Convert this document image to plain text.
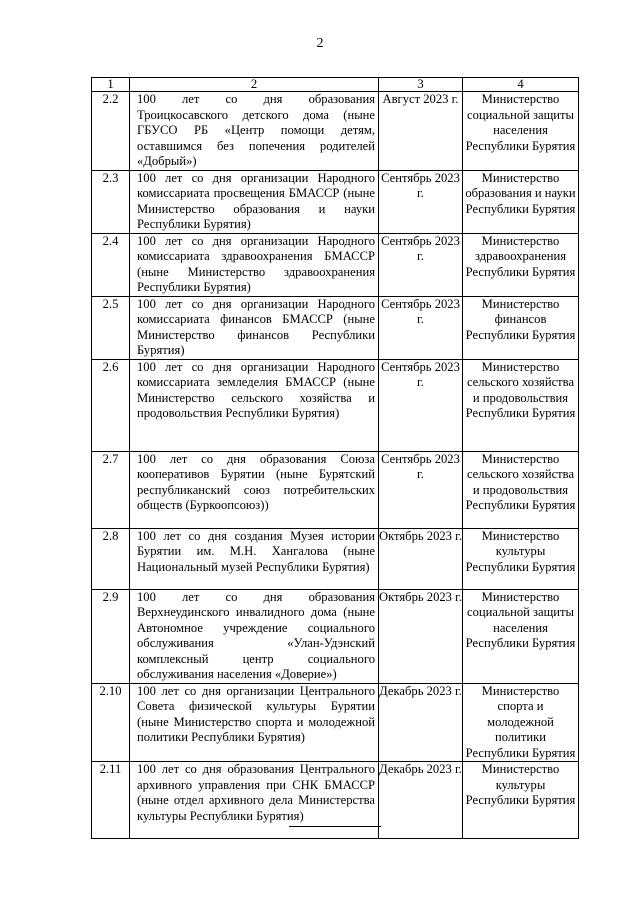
2
1	2	3	4
2.2	100 лет со дня образования Троицкосавского детского дома (ныне ГБУСО РБ «Центр помощи детям, оставшимся без попечения родителей «Добрый»)	Август 2023 г.	Министерство социальной защиты населения Республики Бурятия
2.3	100 лет со дня организации Народного комиссариата просвещения БМАССР (ныне Министерство образования и науки Республики Бурятия)	Сентябрь 2023 г.	Министерство образования и науки Республики Бурятия
2.4	100 лет со дня организации Народного комиссариата здравоохранения БМАССР (ныне Министерство здравоохранения Республики Бурятия)	Сентябрь 2023 г.	Министерство здравоохранения Республики Бурятия
2.5	100 лет со дня организации Народного комиссариата финансов БМАССР (ныне Министерство финансов Республики Бурятия)	Сентябрь 2023 г.	Министерство финансов Республики Бурятия
2.6	100 лет со дня организации Народного комиссариата земледелия БМАССР (ныне Министерство сельского хозяйства и продовольствия Республики Бурятия)	Сентябрь 2023 г.	Министерство сельского хозяйства и продовольствия Республики Бурятия
2.7	100 лет со дня образования Союза кооперативов Бурятии (ныне Бурятский республиканский союз потребительских обществ (Буркоопсоюз))	Сентябрь 2023 г.	Министерство сельского хозяйства и продовольствия Республики Бурятия
2.8	100 лет со дня создания Музея истории Бурятии им. М.Н. Хангалова (ныне Национальный музей Республики Бурятия)	Октябрь 2023 г.	Министерство культуры Республики Бурятия
2.9	100 лет со дня образования Верхнеудинского инвалидного дома (ныне Автономное учреждение социального обслуживания «Улан-Удэнский комплексный центр социального обслуживания населения «Доверие»)	Октябрь 2023 г.	Министерство социальной защиты населения Республики Бурятия
2.10	100 лет со дня организации Центрального Совета физической культуры Бурятии (ныне Министерство спорта и молодежной политики Республики Бурятия)	Декабрь 2023 г.	Министерство спорта и молодежной политики Республики Бурятия
2.11	100 лет со дня образования Центрального архивного управления при СНК БМАССР (ныне отдел архивного дела Министерства культуры Республики Бурятия)	Декабрь 2023 г.	Министерство культуры Республики Бурятия
